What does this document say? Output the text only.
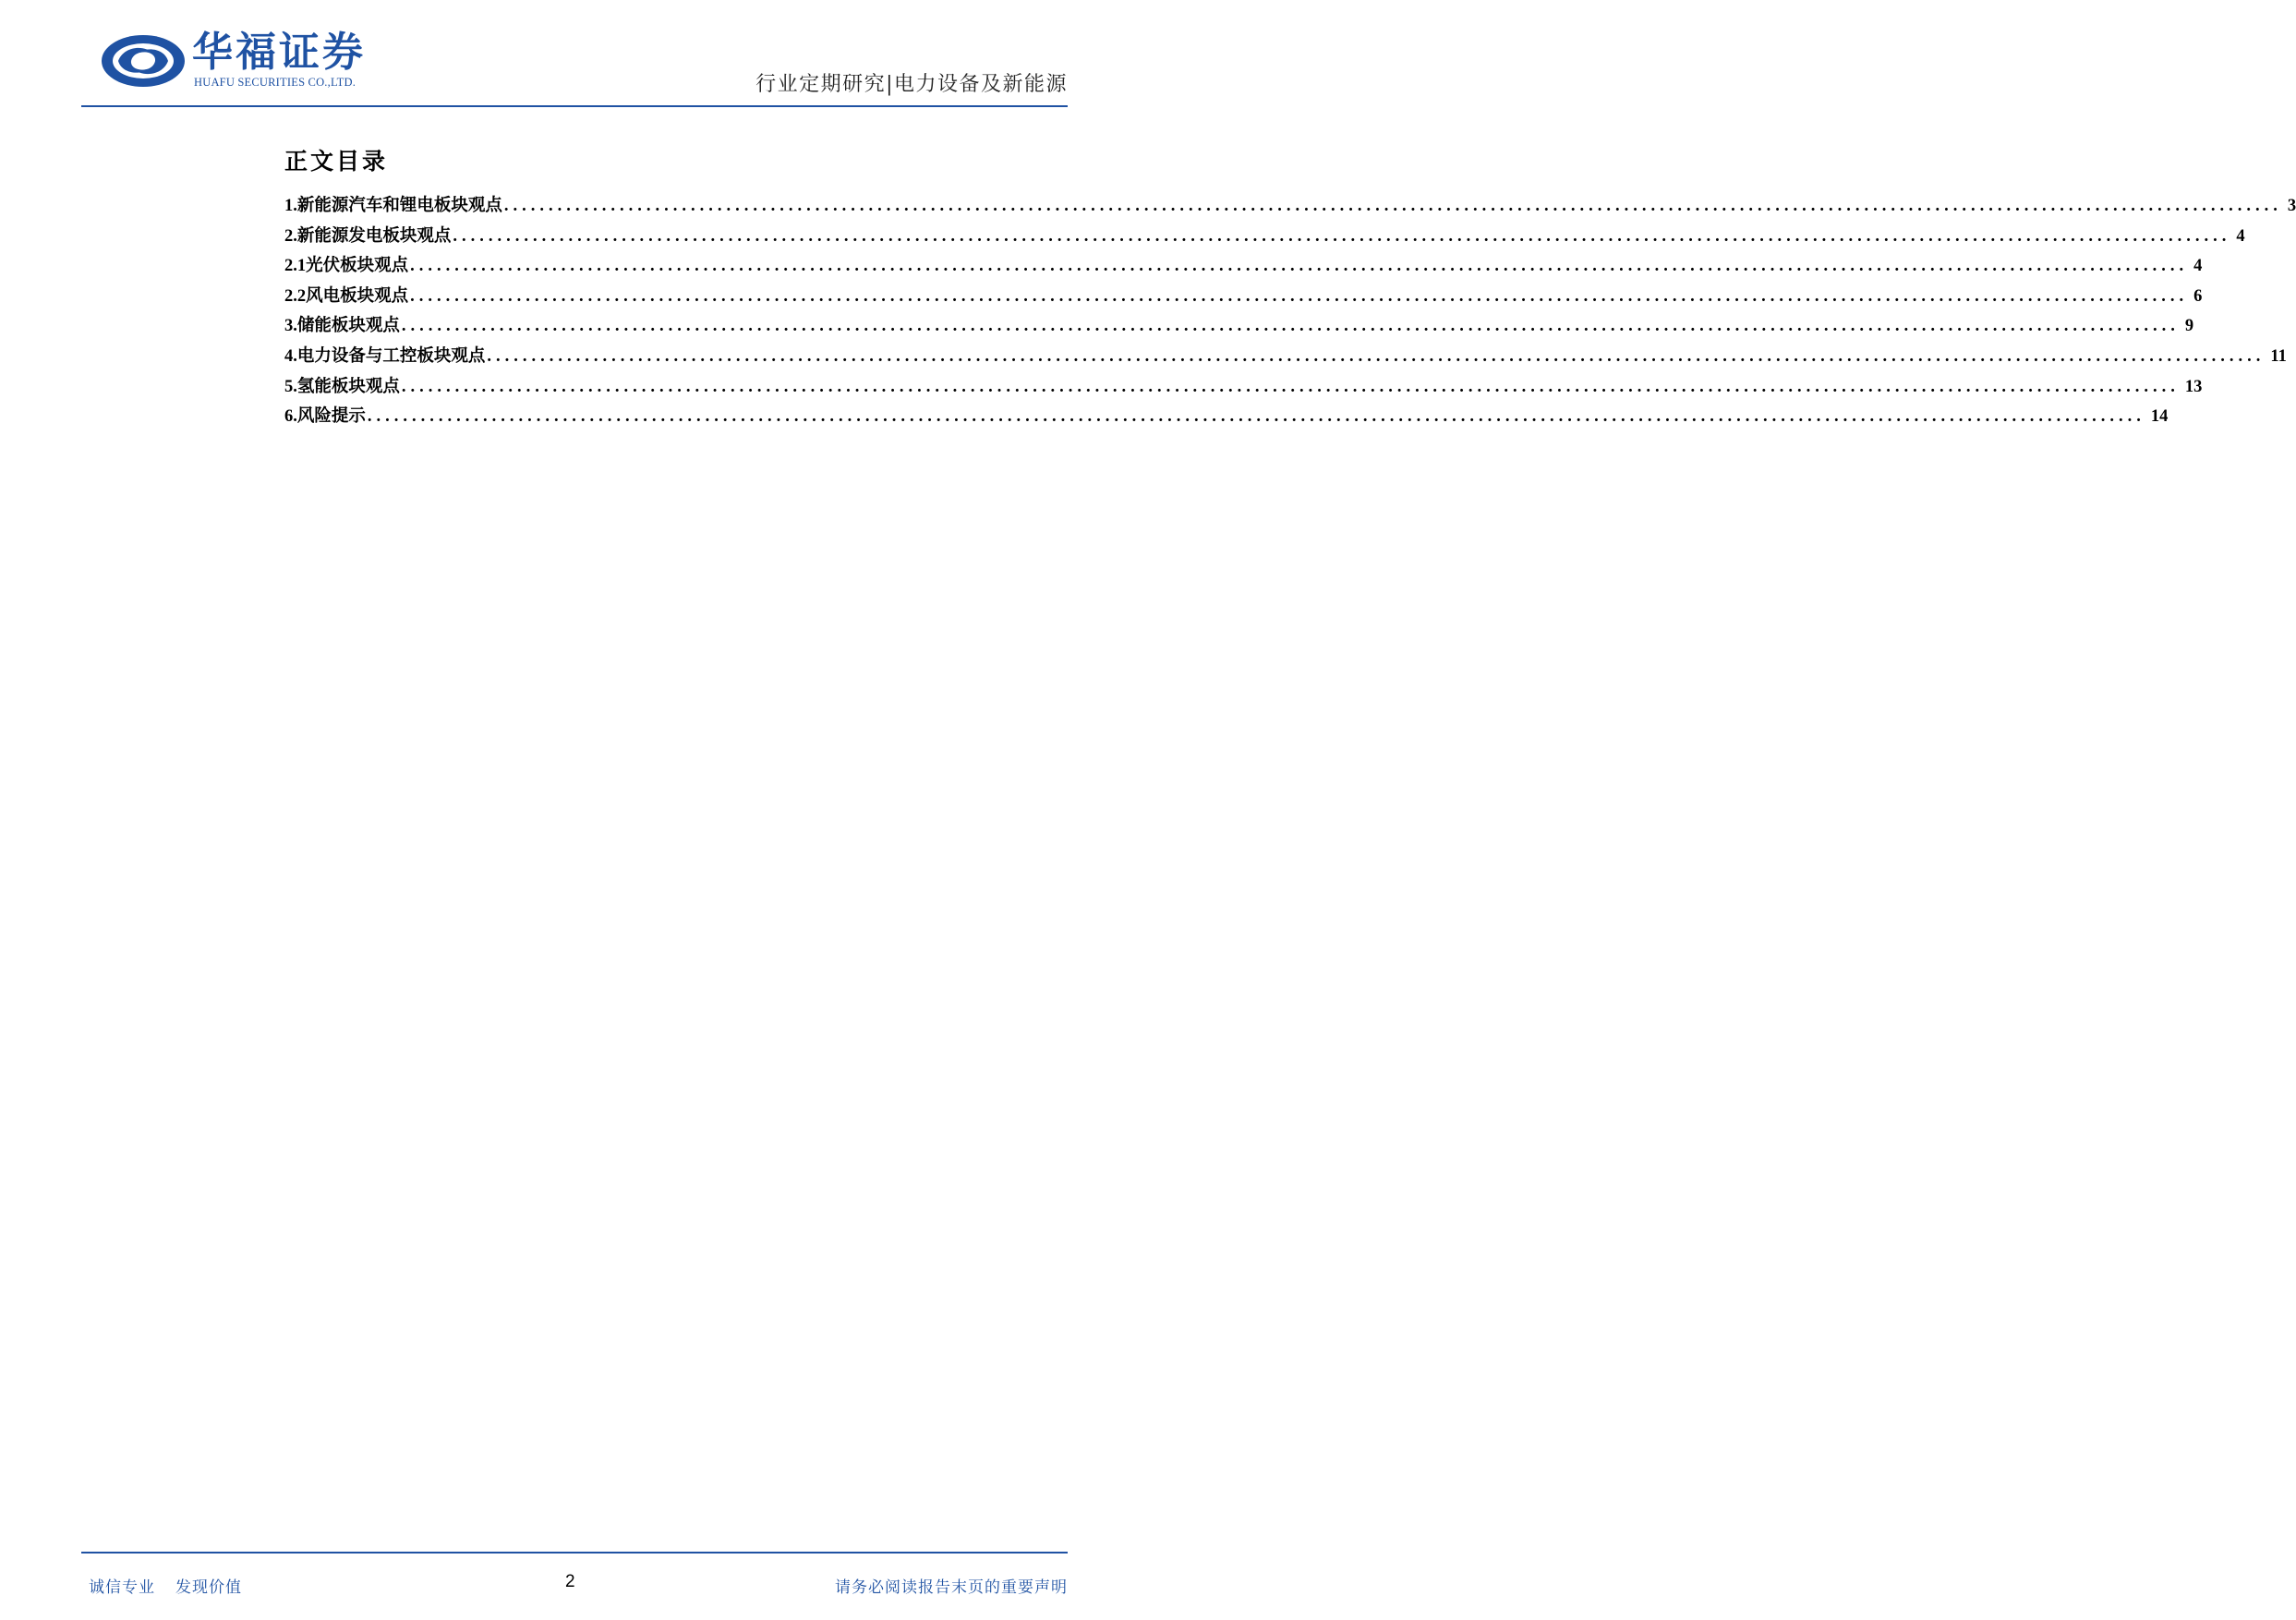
华福证券
HUAFU SECURITIES CO.,LTD.	行业定期研究|电力设备及新能源
正文目录
1. 新能源汽车和锂电板块观点 ........................................................................................................................................................................................................ 3
2. 新能源发电板块观点 ........................................................................................................................................................................................................ 4
2.1 光伏板块观点 ........................................................................................................................................................................................................ 4
2.2 风电板块观点 ........................................................................................................................................................................................................ 6
3. 储能板块观点 ........................................................................................................................................................................................................ 9
4. 电力设备与工控板块观点 ........................................................................................................................................................................................................ 11
5. 氢能板块观点 ........................................................................................................................................................................................................ 13
6. 风险提示 ........................................................................................................................................................................................................ 14
诚信专业 发现价值	2	请务必阅读报告末页的重要声明
